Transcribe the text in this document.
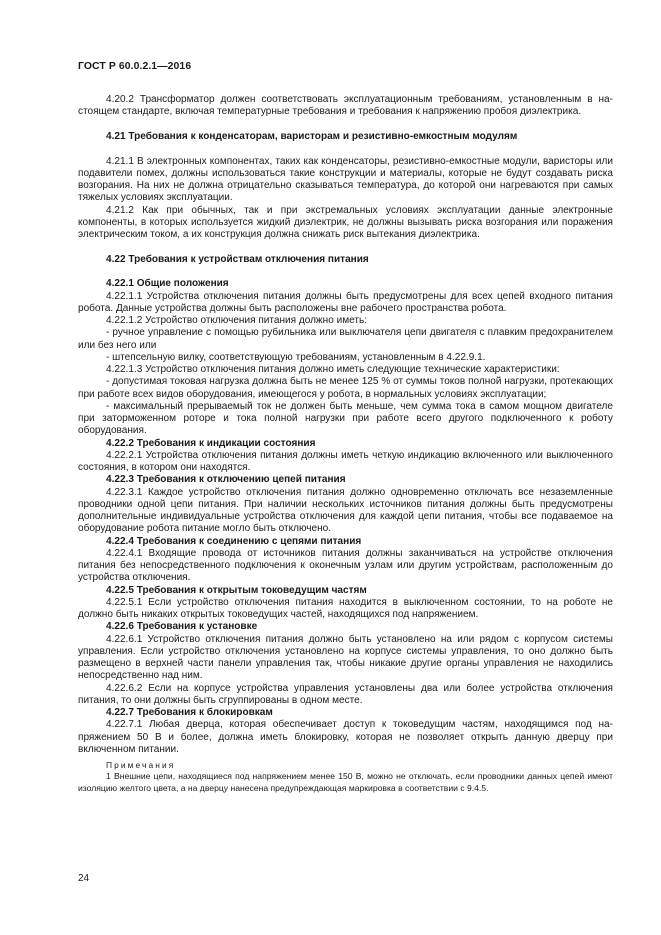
ГОСТ Р 60.0.2.1—2016

4.20.2 Трансформатор должен соответствовать эксплуатационным требованиям, установленным в настоящем стандарте, включая температурные требования и требования к напряжению пробоя диэлектрика.

4.21 Требования к конденсаторам, варисторам и резистивно-емкостным модулям

4.21.1 В электронных компонентах, таких как конденсаторы, резистивно-емкостные модули, варисторы или подавители помех, должны использоваться такие конструкции и материалы, которые не будут создавать риска возгорания. На них не должна отрицательно сказываться температура, до которой они нагреваются при самых тяжелых условиях эксплуатации.

4.21.2 Как при обычных, так и при экстремальных условиях эксплуатации данные электронные компоненты, в которых используется жидкий диэлектрик, не должны вызывать риска возгорания или поражения электрическим током, а их конструкция должна снижать риск вытекания диэлектрика.

4.22 Требования к устройствам отключения питания

4.22.1 Общие положения

4.22.1.1 Устройства отключения питания должны быть предусмотрены для всех цепей входного питания робота. Данные устройства должны быть расположены вне рабочего пространства робота.

4.22.1.2 Устройство отключения питания должно иметь:

- ручное управление с помощью рубильника или выключателя цепи двигателя с плавким предохранителем или без него или

- штепсельную вилку, соответствующую требованиям, установленным в 4.22.9.1.

4.22.1.3 Устройство отключения питания должно иметь следующие технические характеристики:

- допустимая токовая нагрузка должна быть не менее 125 % от суммы токов полной нагрузки, протекающих при работе всех видов оборудования, имеющегося у робота, в нормальных условиях эксплуатации;

- максимальный прерываемый ток не должен быть меньше, чем сумма тока в самом мощном двигателе при заторможенном роторе и тока полной нагрузки при работе всего другого подключенного к роботу оборудования.

4.22.2 Требования к индикации состояния

4.22.2.1 Устройства отключения питания должны иметь четкую индикацию включенного или выключенного состояния, в котором они находятся.

4.22.3 Требования к отключению цепей питания

4.22.3.1 Каждое устройство отключения питания должно одновременно отключать все незаземленные проводники одной цепи питания. При наличии нескольких источников питания должны быть предусмотрены дополнительные индивидуальные устройства отключения для каждой цепи питания, чтобы все подаваемое на оборудование робота питание могло быть отключено.

4.22.4 Требования к соединению с цепями питания

4.22.4.1 Входящие провода от источников питания должны заканчиваться на устройстве отключения питания без непосредственного подключения к оконечным узлам или другим устройствам, расположенным до устройства отключения.

4.22.5 Требования к открытым токоведущим частям

4.22.5.1 Если устройство отключения питания находится в выключенном состоянии, то на роботе не должно быть никаких открытых токоведущих частей, находящихся под напряжением.

4.22.6 Требования к установке

4.22.6.1 Устройство отключения питания должно быть установлено на или рядом с корпусом системы управления. Если устройство отключения установлено на корпусе системы управления, то оно должно быть размещено в верхней части панели управления так, чтобы никакие другие органы управления не находились непосредственно над ним.

4.22.6.2 Если на корпусе устройства управления установлены два или более устройства отключения питания, то они должны быть сгруппированы в одном месте.

4.22.7 Требования к блокировкам

4.22.7.1 Любая дверца, которая обеспечивает доступ к токоведущим частям, находящимся под напряжением 50 В и более, должна иметь блокировку, которая не позволяет открыть данную дверцу при включенном питании.

Примечания

1 Внешние цепи, находящиеся под напряжением менее 150 В, можно не отключать, если проводники данных цепей имеют изоляцию желтого цвета, а на дверцу нанесена предупреждающая маркировка в соответствии с 9.4.5.

24
